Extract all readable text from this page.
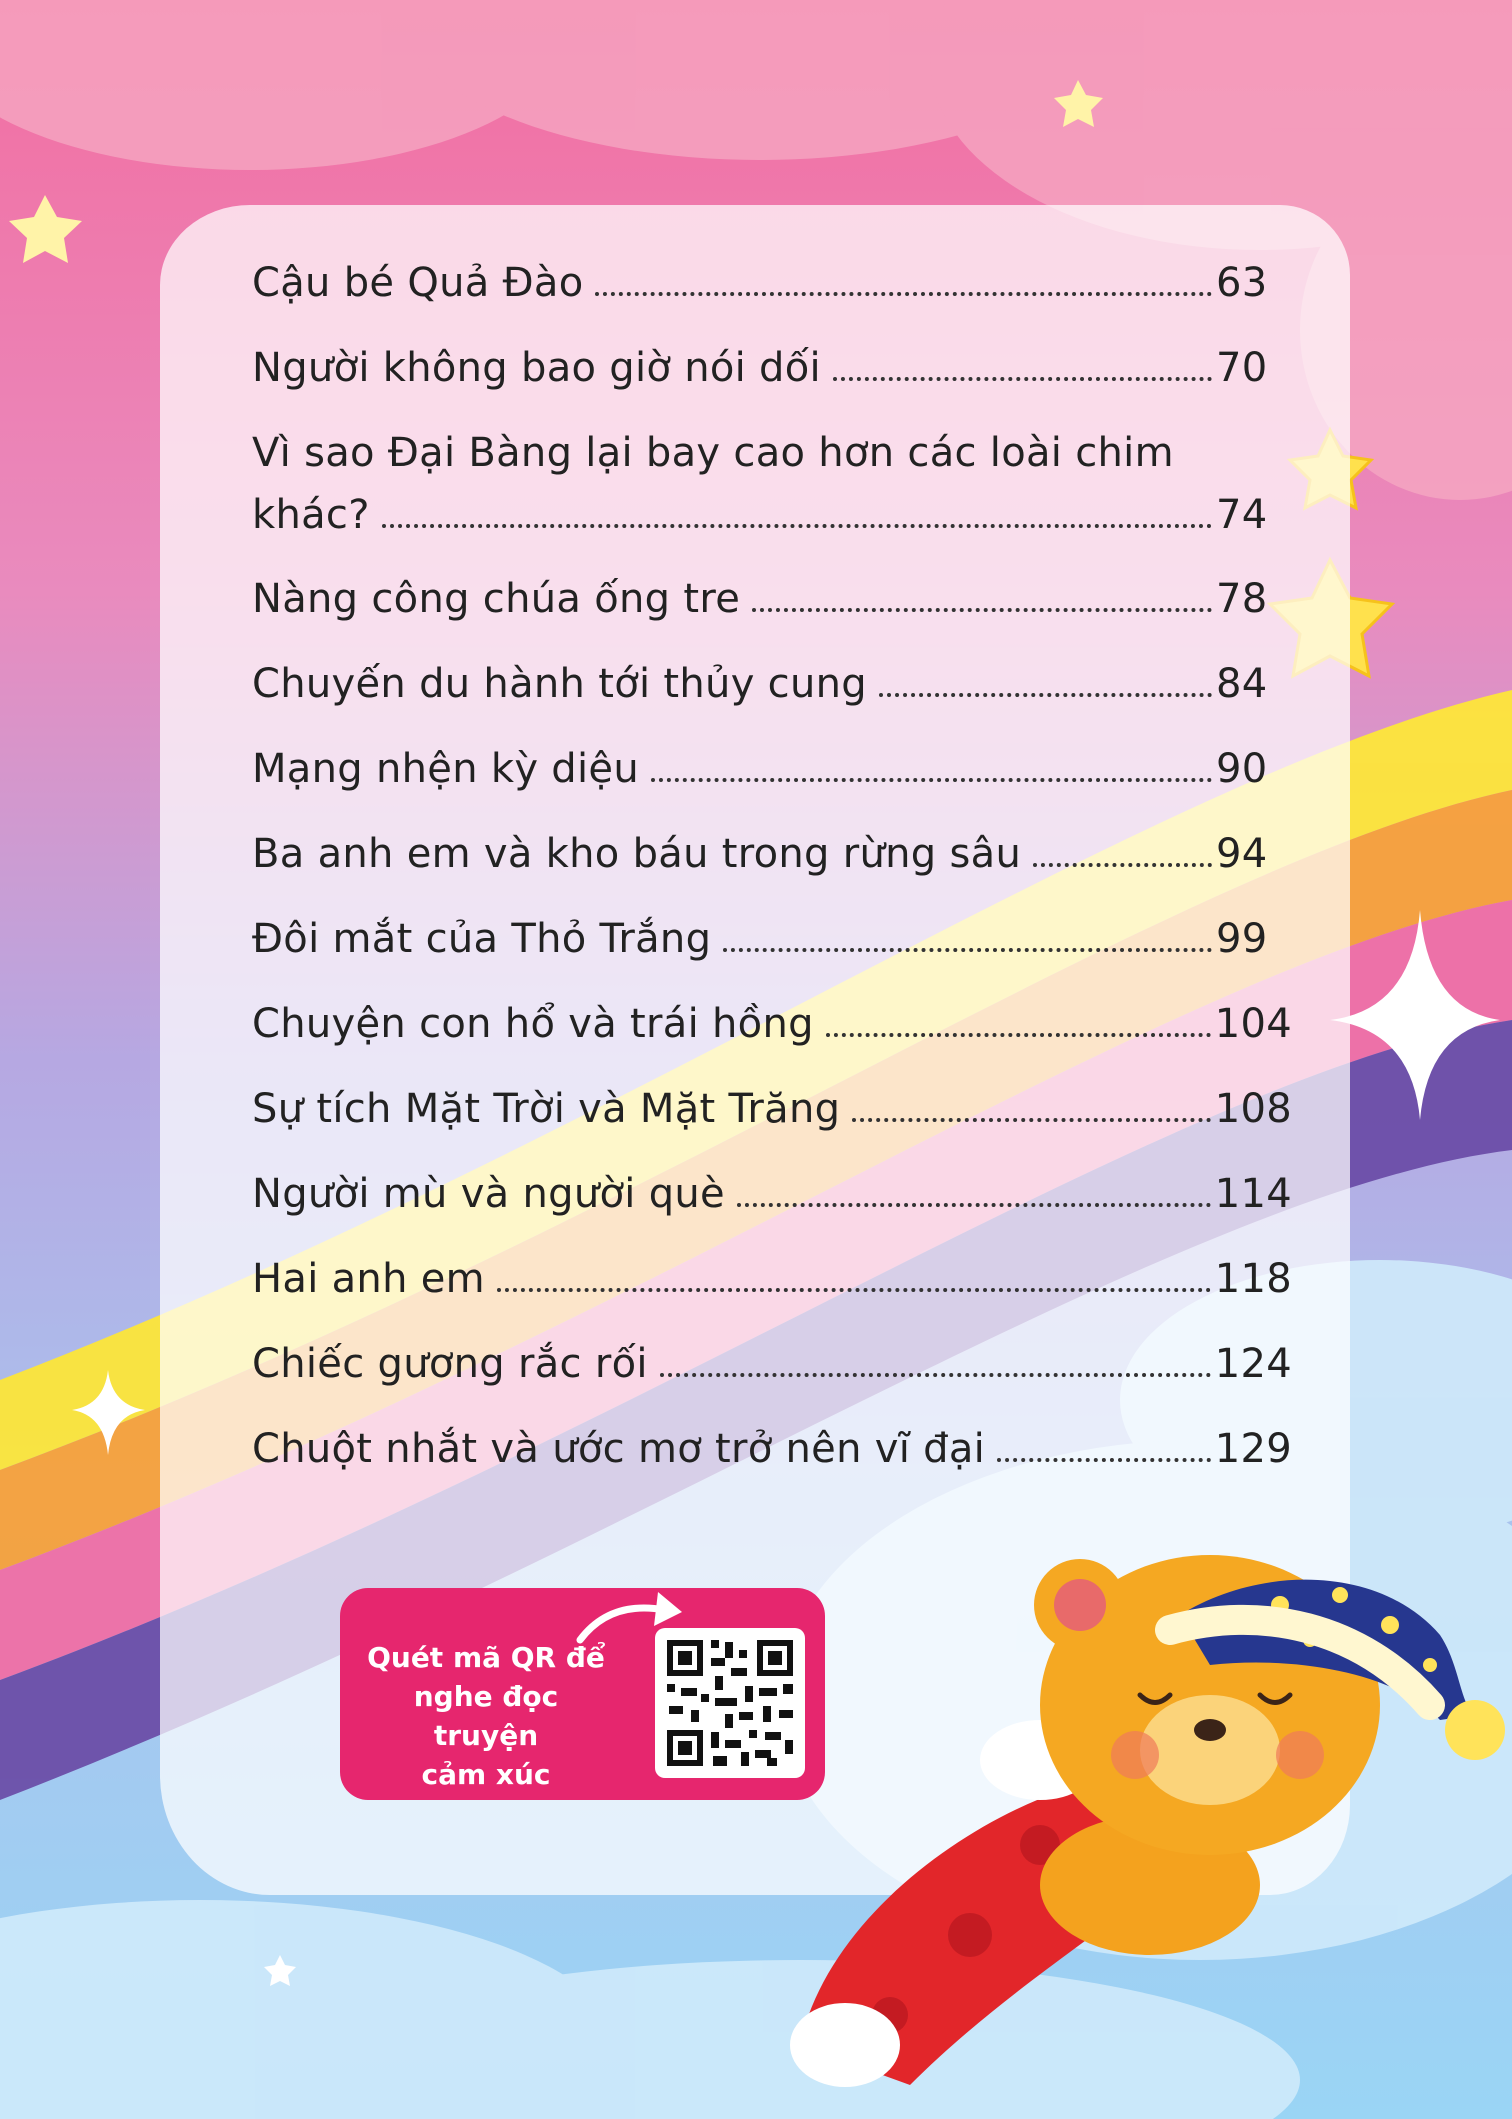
Cậu bé Quả Đào	63
Người không bao giờ nói dối	70
Vì sao Đại Bàng lại bay cao hơn các loài chim
khác?	74
Nàng công chúa ống tre	78
Chuyến du hành tới thủy cung	84
Mạng nhện kỳ diệu	90
Ba anh em và kho báu trong rừng sâu	94
Đôi mắt của Thỏ Trắng	99
Chuyện con hổ và trái hồng	104
Sự tích Mặt Trời và Mặt Trăng	108
Người mù và người què	114
Hai anh em	118
Chiếc gương rắc rối	124
Chuột nhắt và ước mơ trở nên vĩ đại	129
Quét mã QR để
nghe đọc truyện
cảm xúc
